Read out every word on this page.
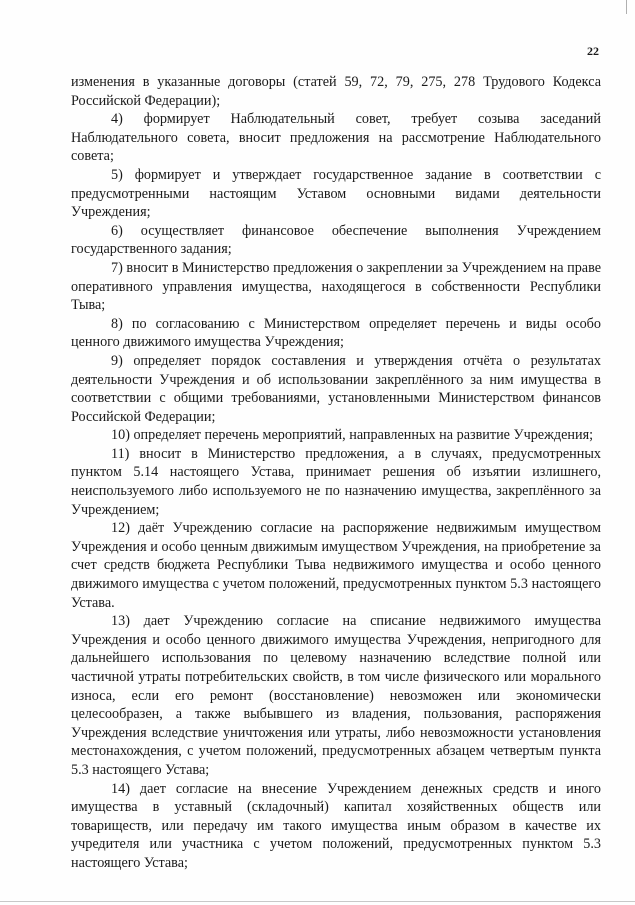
22

изменения в указанные договоры (статей 59, 72, 79, 275, 278 Трудового Кодекса Российской Федерации);

4) формирует Наблюдательный совет, требует созыва заседаний Наблюдательного совета, вносит предложения на рассмотрение Наблюдательного совета;

5) формирует и утверждает государственное задание в соответствии с предусмотренными настоящим Уставом основными видами деятельности Учреждения;

6) осуществляет финансовое обеспечение выполнения Учреждением государственного задания;

7) вносит в Министерство предложения о закреплении за Учреждением на праве оперативного управления имущества, находящегося в собственности Республики Тыва;

8) по согласованию с Министерством определяет перечень и виды особо ценного движимого имущества Учреждения;

9) определяет порядок составления и утверждения отчёта о результатах деятельности Учреждения и об использовании закреплённого за ним имущества в соответствии с общими требованиями, установленными Министерством финансов Российской Федерации;

10) определяет перечень мероприятий, направленных на развитие Учреждения;

11) вносит в Министерство предложения, а в случаях, предусмотренных пунктом 5.14 настоящего Устава, принимает решения об изъятии излишнего, неиспользуемого либо используемого не по назначению имущества, закреплённого за Учреждением;

12) даёт Учреждению согласие на распоряжение недвижимым имуществом Учреждения и особо ценным движимым имуществом Учреждения, на приобретение за счет средств бюджета Республики Тыва недвижимого имущества и особо ценного движимого имущества с учетом положений, предусмотренных пунктом 5.3 настоящего Устава.

13) дает Учреждению согласие на списание недвижимого имущества Учреждения и особо ценного движимого имущества Учреждения, непригодного для дальнейшего использования по целевому назначению вследствие полной или частичной утраты потребительских свойств, в том числе физического или морального износа, если его ремонт (восстановление) невозможен или экономически целесообразен, а также выбывшего из владения, пользования, распоряжения Учреждения вследствие уничтожения или утраты, либо невозможности установления местонахождения, с учетом положений, предусмотренных абзацем четвертым пункта 5.3 настоящего Устава;

14) дает согласие на внесение Учреждением денежных средств и иного имущества в уставный (складочный) капитал хозяйственных обществ или товариществ, или передачу им такого имущества иным образом в качестве их учредителя или участника с учетом положений, предусмотренных пунктом 5.3 настоящего Устава;
